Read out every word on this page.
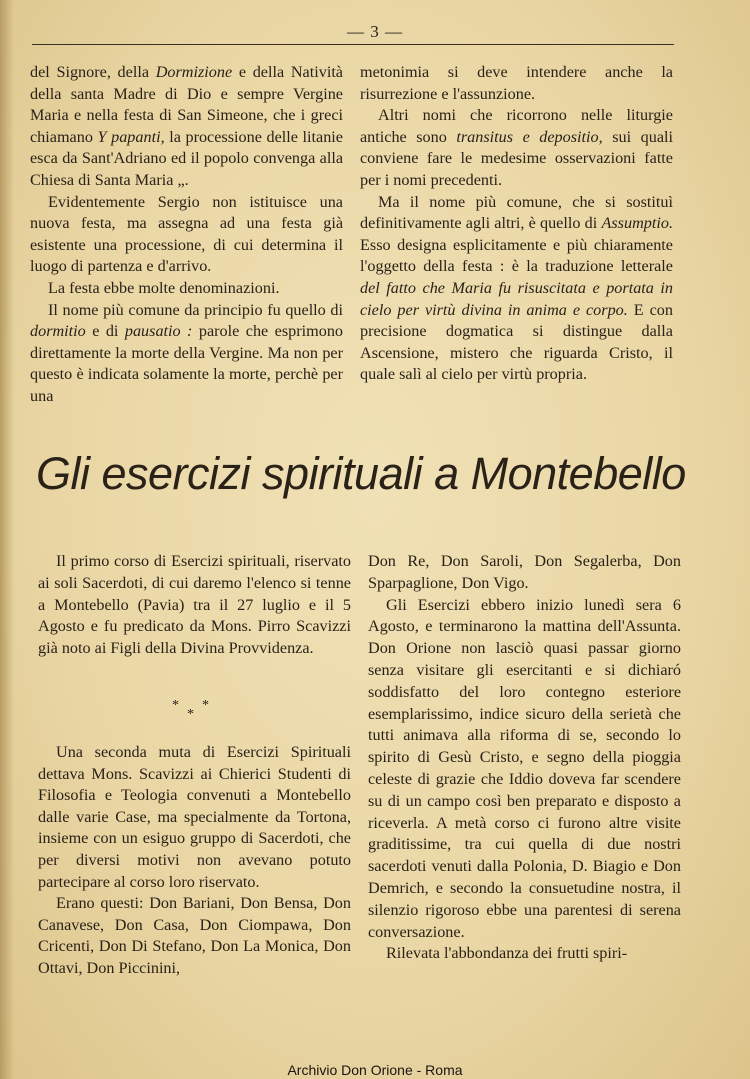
— 3 —

del Signore, della Dormizione e della Natività della santa Madre di Dio e sempre Vergine Maria e nella festa di San Simeone, che i greci chiamano Y papanti, la processione delle litanie esca da Sant'Adriano ed il popolo convenga alla Chiesa di Santa Maria „.

Evidentemente Sergio non istituisce una nuova festa, ma assegna ad una festa già esistente una processione, di cui determina il luogo di partenza e d'arrivo.

La festa ebbe molte denominazioni.

Il nome più comune da principio fu quello di dormitio e di pausatio : parole che esprimono direttamente la morte della Vergine. Ma non per questo è indicata solamente la morte, perchè per una

metonimia si deve intendere anche la risurrezione e l'assunzione.

Altri nomi che ricorrono nelle liturgie antiche sono transitus e depositio, sui quali conviene fare le medesime osservazioni fatte per i nomi precedenti.

Ma il nome più comune, che si sostituì definitivamente agli altri, è quello di Assumptio. Esso designa esplicitamente e più chiaramente l'oggetto della festa : è la traduzione letterale del fatto che Maria fu risuscitata e portata in cielo per virtù divina in anima e corpo. E con precisione dogmatica si distingue dalla Ascensione, mistero che riguarda Cristo, il quale salì al cielo per virtù propria.

Gli esercizi spirituali a Montebello

Il primo corso di Esercizi spirituali, riservato ai soli Sacerdoti, di cui daremo l'elenco si tenne a Montebello (Pavia) tra il 27 luglio e il 5 Agosto e fu predicato da Mons. Pirro Scavizzi già noto ai Figli della Divina Provvidenza.

* *
*

Una seconda muta di Esercizi Spirituali dettava Mons. Scavizzi ai Chierici Studenti di Filosofia e Teologia convenuti a Montebello dalle varie Case, ma specialmente da Tortona, insieme con un esiguo gruppo di Sacerdoti, che per diversi motivi non avevano potuto partecipare al corso loro riservato.

Erano questi: Don Bariani, Don Bensa, Don Canavese, Don Casa, Don Ciompawa, Don Cricenti, Don Di Stefano, Don La Monica, Don Ottavi, Don Piccinini,

Don Re, Don Saroli, Don Segalerba, Don Sparpaglione, Don Vigo.

Gli Esercizi ebbero inizio lunedì sera 6 Agosto, e terminarono la mattina dell'Assunta. Don Orione non lasciò quasi passar giorno senza visitare gli esercitanti e si dichiaró soddisfatto del loro contegno esteriore esemplarissimo, indice sicuro della serietà che tutti animava alla riforma di se, secondo lo spirito di Gesù Cristo, e segno della pioggia celeste di grazie che Iddio doveva far scendere su di un campo così ben preparato e disposto a riceverla. A metà corso ci furono altre visite graditissime, tra cui quella di due nostri sacerdoti venuti dalla Polonia, D. Biagio e Don Demrich, e secondo la consuetudine nostra, il silenzio rigoroso ebbe una parentesi di serena conversazione.

Rilevata l'abbondanza dei frutti spiri-

Archivio Don Orione - Roma
